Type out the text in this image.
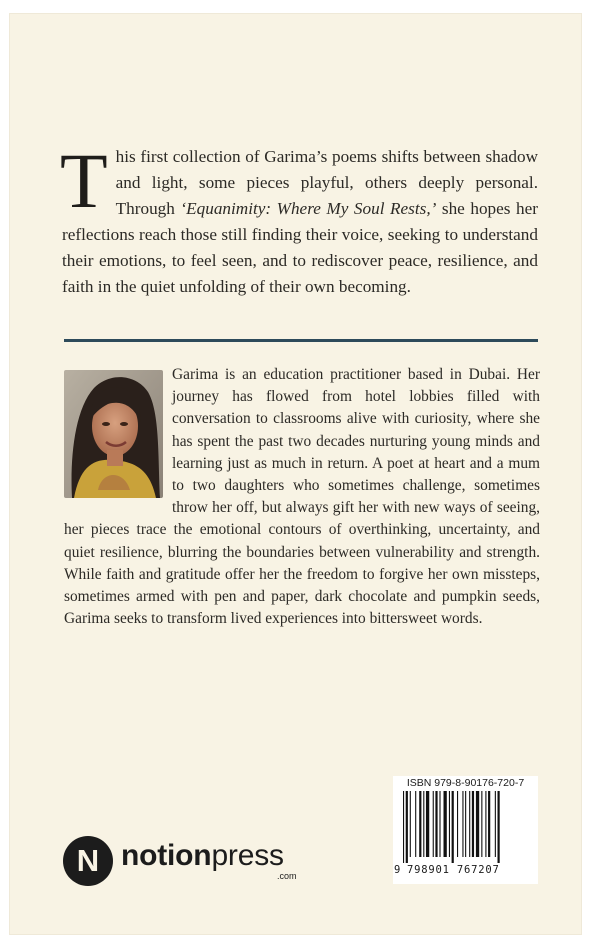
This first collection of Garima’s poems shifts between shadow and light, some pieces playful, others deeply personal. Through ‘Equanimity: Where My Soul Rests,’ she hopes her reflections reach those still finding their voice, seeking to understand their emotions, to feel seen, and to rediscover peace, resilience, and faith in the quiet unfolding of their own becoming.
Garima is an education practitioner based in Dubai. Her journey has flowed from hotel lobbies filled with conversation to classrooms alive with curiosity, where she has spent the past two decades nurturing young minds and learning just as much in return. A poet at heart and a mum to two daughters who sometimes challenge, sometimes throw her off, but always gift her with new ways of seeing, her pieces trace the emotional contours of overthinking, uncertainty, and quiet resilience, blurring the boundaries between vulnerability and strength. While faith and gratitude offer her the freedom to forgive her own missteps, sometimes armed with pen and paper, dark chocolate and pumpkin seeds, Garima seeks to transform lived experiences into bittersweet words.
N notionpress
.com
ISBN 979-8-90176-720-7
9 798901 767207
